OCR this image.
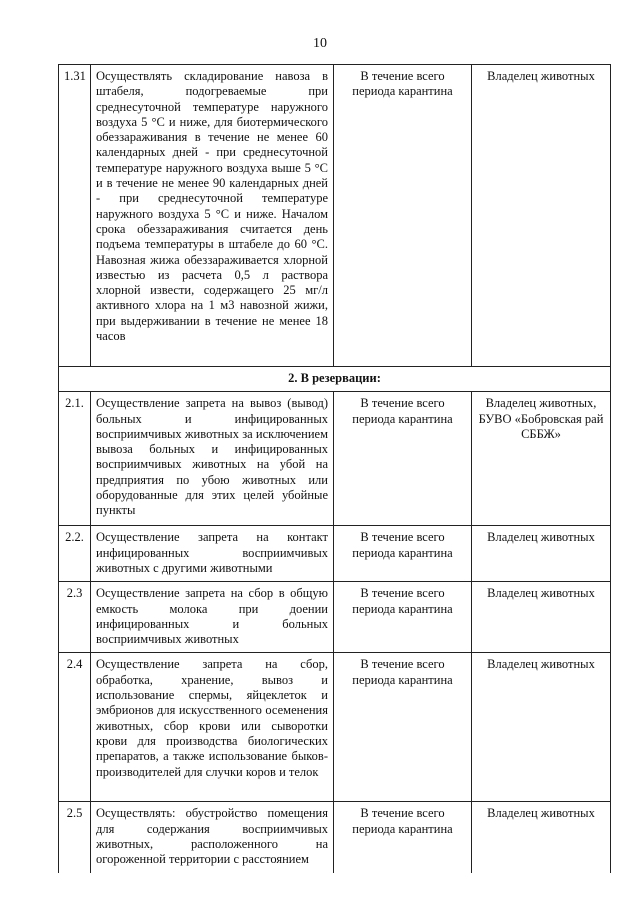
10
1.31	Осуществлять складирование навоза в штабеля, подогреваемые при среднесуточной температуре наружного воздуха 5 °С и ниже, для биотермического обеззараживания в течение не менее 60 календарных дней - при среднесуточной температуре наружного воздуха выше 5 °С и в течение не менее 90 календарных дней - при среднесуточной температуре наружного воздуха 5 °С и ниже. Началом срока обеззараживания считается день подъема температуры в штабеле до 60 °С. Навозная жижа обеззараживается хлорной известью из расчета 0,5 л раствора хлорной извести, содержащего 25 мг/л активного хлора на 1 м3 навозной жижи, при выдерживании в течение не менее 18 часов	В течение всего периода карантина	Владелец животных
2. В резервации:			
2.1.	Осуществление запрета на вывоз (вывод) больных и инфицированных восприимчивых животных за исключением вывоза больных и инфицированных восприимчивых животных на убой на предприятия по убою животных или оборудованные для этих целей убойные пункты	В течение всего периода карантина	Владелец животных, БУВО «Бобровская рай СББЖ»
2.2.	Осуществление запрета на контакт инфицированных восприимчивых животных с другими животными	В течение всего периода карантина	Владелец животных
2.3	Осуществление запрета на сбор в общую емкость молока при доении инфицированных и больных восприимчивых животных	В течение всего периода карантина	Владелец животных
2.4	Осуществление запрета на сбор, обработка, хранение, вывоз и использование спермы, яйцеклеток и эмбрионов для искусственного осеменения животных, сбор крови или сыворотки крови для производства биологических препаратов, а также использование быков-производителей для случки коров и телок	В течение всего периода карантина	Владелец животных
2.5	Осуществлять: обустройство помещения для содержания восприимчивых животных, расположенного на огороженной территории с расстоянием	В течение всего периода карантина	Владелец животных
